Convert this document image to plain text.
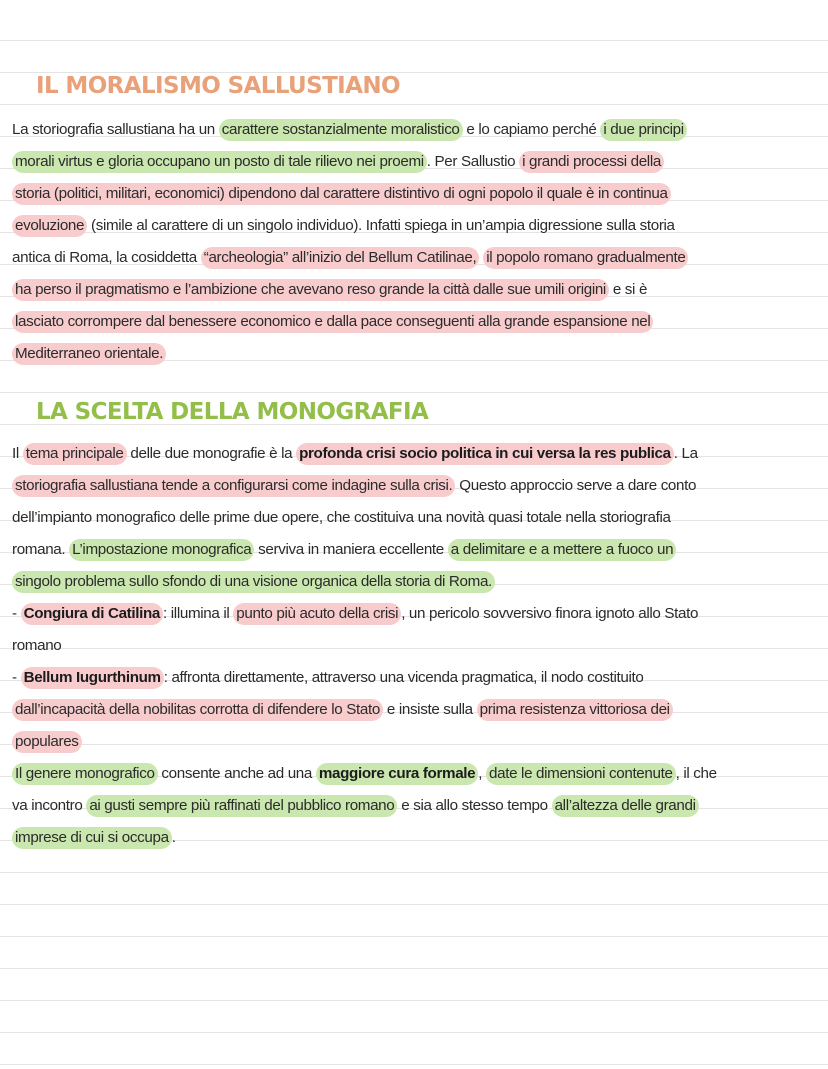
IL MORALISMO SALLUSTIANO

La storiografia sallustiana ha un carattere sostanzialmente moralistico e lo capiamo perché i due principi

morali virtus e gloria occupano un posto di tale rilievo nei proemi . Per Sallustio i grandi processi della

storia (politici, militari, economici) dipendono dal carattere distintivo di ogni popolo il quale è in continua

evoluzione (simile al carattere di un singolo individuo). Infatti spiega in un’ampia digressione sulla storia

antica di Roma, la cosiddetta “archeologia” all’inizio del Bellum Catilinae, il popolo romano gradualmente

ha perso il pragmatismo e l’ambizione che avevano reso grande la città dalle sue umili origini e si è

lasciato corrompere dal benessere economico e dalla pace conseguenti alla grande espansione nel

Mediterraneo orientale.

LA SCELTA DELLA MONOGRAFIA

Il tema principale delle due monografie è la profonda crisi socio politica in cui versa la res publica . La

storiografia sallustiana tende a configurarsi come indagine sulla crisi. Questo approccio serve a dare conto

dell’impianto monografico delle prime due opere, che costituiva una novità quasi totale nella storiografia

romana. L’impostazione monografica serviva in maniera eccellente a delimitare e a mettere a fuoco un

singolo problema sullo sfondo di una visione organica della storia di Roma.

- Congiura di Catilina : illumina il punto più acuto della crisi , un pericolo sovversivo finora ignoto allo Stato

romano

- Bellum Iugurthinum : affronta direttamente, attraverso una vicenda pragmatica, il nodo costituito

dall’incapacità della nobilitas corrotta di difendere lo Stato e insiste sulla prima resistenza vittoriosa dei

populares

Il genere monografico consente anche ad una maggiore cura formale , date le dimensioni contenute , il che

va incontro ai gusti sempre più raffinati del pubblico romano e sia allo stesso tempo all’altezza delle grandi

imprese di cui si occupa .
